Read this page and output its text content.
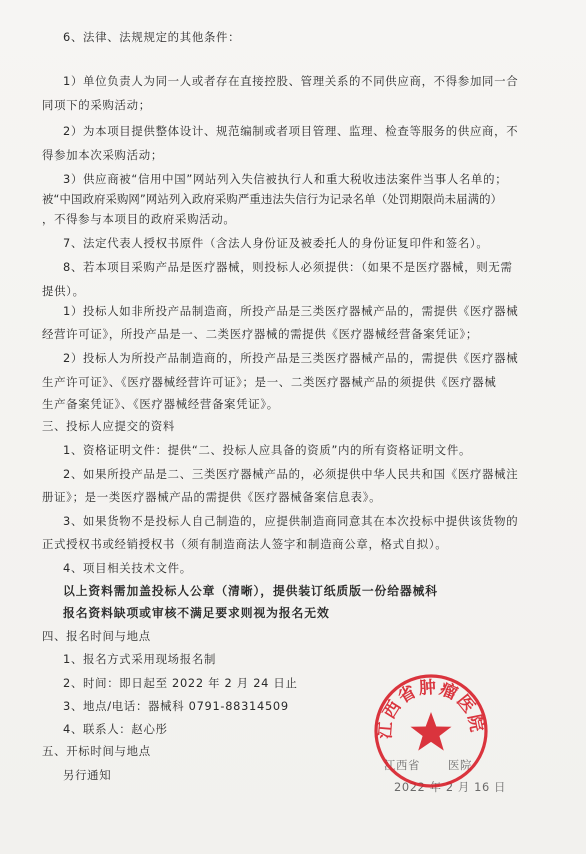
6、法律、法规规定的其他条件：
1）单位负责人为同一人或者存在直接控股、管理关系的不同供应商，不得参加同一合
同项下的采购活动；
2）为本项目提供整体设计、规范编制或者项目管理、监理、检查等服务的供应商，不
得参加本次采购活动；
3）供应商被“信用中国”网站列入失信被执行人和重大税收违法案件当事人名单的；
被“中国政府采购网”网站列入政府采购严重违法失信行为记录名单（处罚期限尚未届满的）
，不得参与本项目的政府采购活动。
7、法定代表人授权书原件（含法人身份证及被委托人的身份证复印件和签名）。
8、若本项目采购产品是医疗器械，则投标人必须提供：（如果不是医疗器械，则无需
提供）。
1）投标人如非所投产品制造商，所投产品是三类医疗器械产品的，需提供《医疗器械
经营许可证》，所投产品是一、二类医疗器械的需提供《医疗器械经营备案凭证》；
2）投标人为所投产品制造商的，所投产品是三类医疗器械产品的，需提供《医疗器械
生产许可证》、《医疗器械经营许可证》；是一、二类医疗器械产品的须提供《医疗器械
生产备案凭证》、《医疗器械经营备案凭证》。
三、投标人应提交的资料
1、资格证明文件：提供“二、投标人应具备的资质”内的所有资格证明文件。
2、如果所投产品是二、三类医疗器械产品的，必须提供中华人民共和国《医疗器械注
册证》；是一类医疗器械产品的需提供《医疗器械备案信息表》。
3、如果货物不是投标人自己制造的，应提供制造商同意其在本次投标中提供该货物的
正式授权书或经销授权书（须有制造商法人签字和制造商公章，格式自拟）。
4、项目相关技术文件。
以上资料需加盖投标人公章（清晰），提供装订纸质版一份给器械科
报名资料缺项或审核不满足要求则视为报名无效
四、报名时间与地点
1、报名方式采用现场报名制
2、时间：即日起至 2022 年 2 月 24 日止
3、地点/电话：器械科 0791-88314509
4、联系人：赵心彤
五、开标时间与地点
另行通知
江西省 医院
2022 年 2 月 16 日
江西省肿瘤医院
